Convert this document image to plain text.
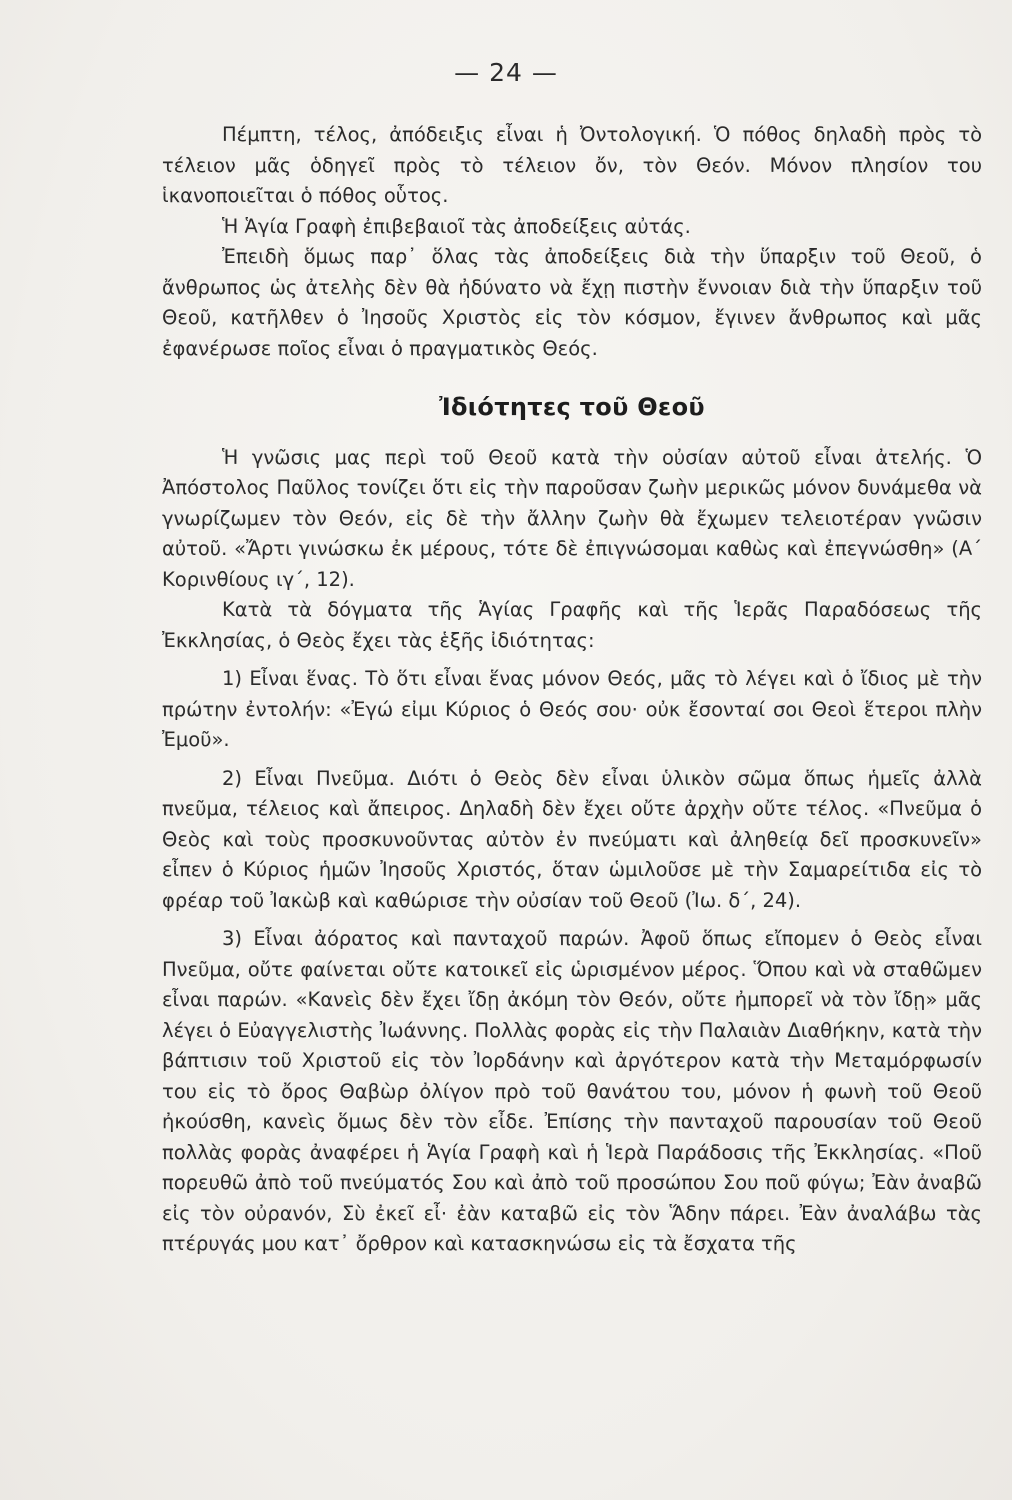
— 24 —

Πέμπτη, τέλος, ἀπόδειξις εἶναι ἡ Ὀντολογική. Ὁ πόθος δηλαδὴ πρὸς τὸ τέλειον μᾶς ὁδηγεῖ πρὸς τὸ τέλειον ὄν, τὸν Θεόν. Μόνον πλησίον του ἱκανοποιεῖται ὁ πόθος οὗτος.

Ἡ Ἁγία Γραφὴ ἐπιβεβαιοῖ τὰς ἀποδείξεις αὐτάς.

Ἐπειδὴ ὅμως παρ᾽ ὅλας τὰς ἀποδείξεις διὰ τὴν ὕπαρξιν τοῦ Θεοῦ, ὁ ἄνθρωπος ὡς ἀτελὴς δὲν θὰ ἠδύνατο νὰ ἔχῃ πιστὴν ἔννοιαν διὰ τὴν ὕπαρξιν τοῦ Θεοῦ, κατῆλθεν ὁ Ἰησοῦς Χριστὸς εἰς τὸν κόσμον, ἔγινεν ἄνθρωπος καὶ μᾶς ἐφανέρωσε ποῖος εἶναι ὁ πραγματικὸς Θεός.

Ἰδιότητες τοῦ Θεοῦ

Ἡ γνῶσις μας περὶ τοῦ Θεοῦ κατὰ τὴν οὐσίαν αὐτοῦ εἶναι ἀτελής. Ὁ Ἀπόστολος Παῦλος τονίζει ὅτι εἰς τὴν παροῦσαν ζωὴν μερικῶς μόνον δυνάμεθα νὰ γνωρίζωμεν τὸν Θεόν, εἰς δὲ τὴν ἄλλην ζωὴν θὰ ἔχωμεν τελειοτέραν γνῶσιν αὐτοῦ. «Ἄρτι γινώσκω ἐκ μέρους, τότε δὲ ἐπιγνώσομαι καθὼς καὶ ἐπεγνώσθη» (Α´ Κορινθίους ιγ´, 12).

Κατὰ τὰ δόγματα τῆς Ἁγίας Γραφῆς καὶ τῆς Ἱερᾶς Παραδόσεως τῆς Ἐκκλησίας, ὁ Θεὸς ἔχει τὰς ἑξῆς ἰδιότητας:

1) Εἶναι ἕνας. Τὸ ὅτι εἶναι ἕνας μόνον Θεός, μᾶς τὸ λέγει καὶ ὁ ἴδιος μὲ τὴν πρώτην ἐντολήν: «Ἐγώ εἰμι Κύριος ὁ Θεός σου· οὐκ ἔσονταί σοι Θεοὶ ἕτεροι πλὴν Ἐμοῦ».

2) Εἶναι Πνεῦμα. Διότι ὁ Θεὸς δὲν εἶναι ὑλικὸν σῶμα ὅπως ἡμεῖς ἀλλὰ πνεῦμα, τέλειος καὶ ἄπειρος. Δηλαδὴ δὲν ἔχει οὔτε ἀρχὴν οὔτε τέλος. «Πνεῦμα ὁ Θεὸς καὶ τοὺς προσκυνοῦντας αὐτὸν ἐν πνεύματι καὶ ἀληθείᾳ δεῖ προσκυνεῖν» εἶπεν ὁ Κύριος ἡμῶν Ἰησοῦς Χριστός, ὅταν ὡμιλοῦσε μὲ τὴν Σαμαρείτιδα εἰς τὸ φρέαρ τοῦ Ἰακὼβ καὶ καθώρισε τὴν οὐσίαν τοῦ Θεοῦ (Ἰω. δ´, 24).

3) Εἶναι ἀόρατος καὶ πανταχοῦ παρών. Ἀφοῦ ὅπως εἴπομεν ὁ Θεὸς εἶναι Πνεῦμα, οὔτε φαίνεται οὔτε κατοικεῖ εἰς ὡρισμένον μέρος. Ὅπου καὶ νὰ σταθῶμεν εἶναι παρών. «Κανεὶς δὲν ἔχει ἴδῃ ἀκόμη τὸν Θεόν, οὔτε ἠμπορεῖ νὰ τὸν ἴδῃ» μᾶς λέγει ὁ Εὐαγγελιστὴς Ἰωάννης. Πολλὰς φορὰς εἰς τὴν Παλαιὰν Διαθήκην, κατὰ τὴν βάπτισιν τοῦ Χριστοῦ εἰς τὸν Ἰορδάνην καὶ ἀργότερον κατὰ τὴν Μεταμόρφωσίν του εἰς τὸ ὄρος Θαβὼρ ὀλίγον πρὸ τοῦ θανάτου του, μόνον ἡ φωνὴ τοῦ Θεοῦ ἠκούσθη, κανεὶς ὅμως δὲν τὸν εἶδε. Ἐπίσης τὴν πανταχοῦ παρουσίαν τοῦ Θεοῦ πολλὰς φορὰς ἀναφέρει ἡ Ἁγία Γραφὴ καὶ ἡ Ἱερὰ Παράδοσις τῆς Ἐκκλησίας. «Ποῦ πορευθῶ ἀπὸ τοῦ πνεύματός Σου καὶ ἀπὸ τοῦ προσώπου Σου ποῦ φύγω; Ἐὰν ἀναβῶ εἰς τὸν οὐρανόν, Σὺ ἐκεῖ εἶ· ἐὰν καταβῶ εἰς τὸν Ἅδην πάρει. Ἐὰν ἀναλάβω τὰς πτέρυγάς μου κατ᾽ ὄρθρον καὶ κατασκηνώσω εἰς τὰ ἔσχατα τῆς
